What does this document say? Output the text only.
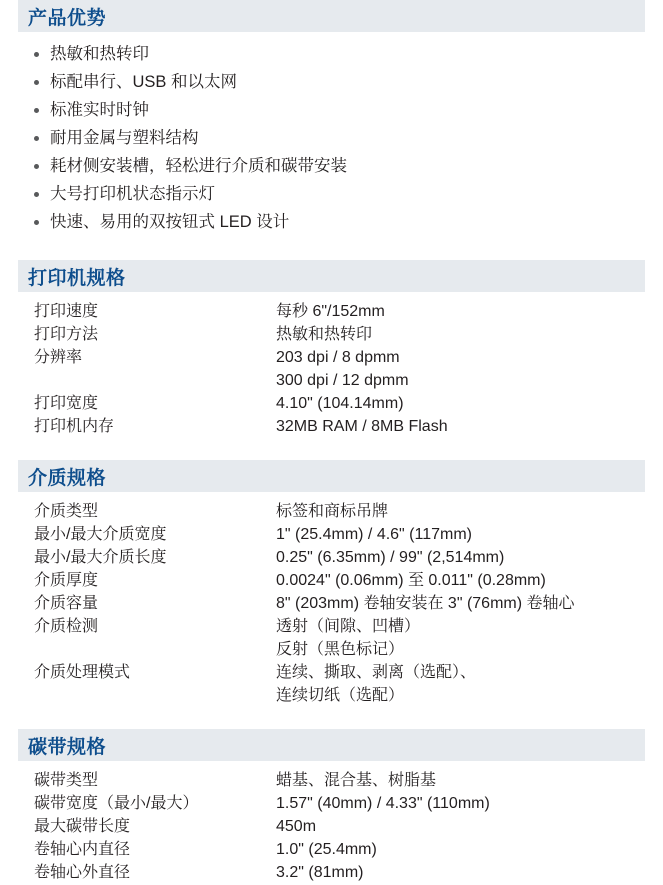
产品优势
热敏和热转印
标配串行、USB 和以太网
标准实时时钟
耐用金属与塑料结构
耗材侧安装槽，轻松进行介质和碳带安装
大号打印机状态指示灯
快速、易用的双按钮式 LED 设计
打印机规格
打印速度	每秒 6"/152mm

打印方法	热敏和热转印

分辨率	203 dpi / 8 dpmm
300 dpi / 12 dpmm

打印宽度	4.10" (104.14mm)

打印机内存	32MB RAM / 8MB Flash
介质规格
介质类型	标签和商标吊牌

最小/最大介质宽度	1" (25.4mm) / 4.6" (117mm)

最小/最大介质长度	0.25" (6.35mm) / 99" (2,514mm)

介质厚度	0.0024" (0.06mm) 至 0.011" (0.28mm)

介质容量	8" (203mm) 卷轴安装在 3" (76mm) 卷轴心

介质检测	透射（间隙、凹槽）
反射（黑色标记）

介质处理模式	连续、撕取、剥离（选配）、
连续切纸（选配）
碳带规格
碳带类型	蜡基、混合基、树脂基

碳带宽度（最小/最大）	1.57" (40mm) / 4.33" (110mm)

最大碳带长度	450m

卷轴心内直径	1.0" (25.4mm)

卷轴心外直径	3.2" (81mm)
